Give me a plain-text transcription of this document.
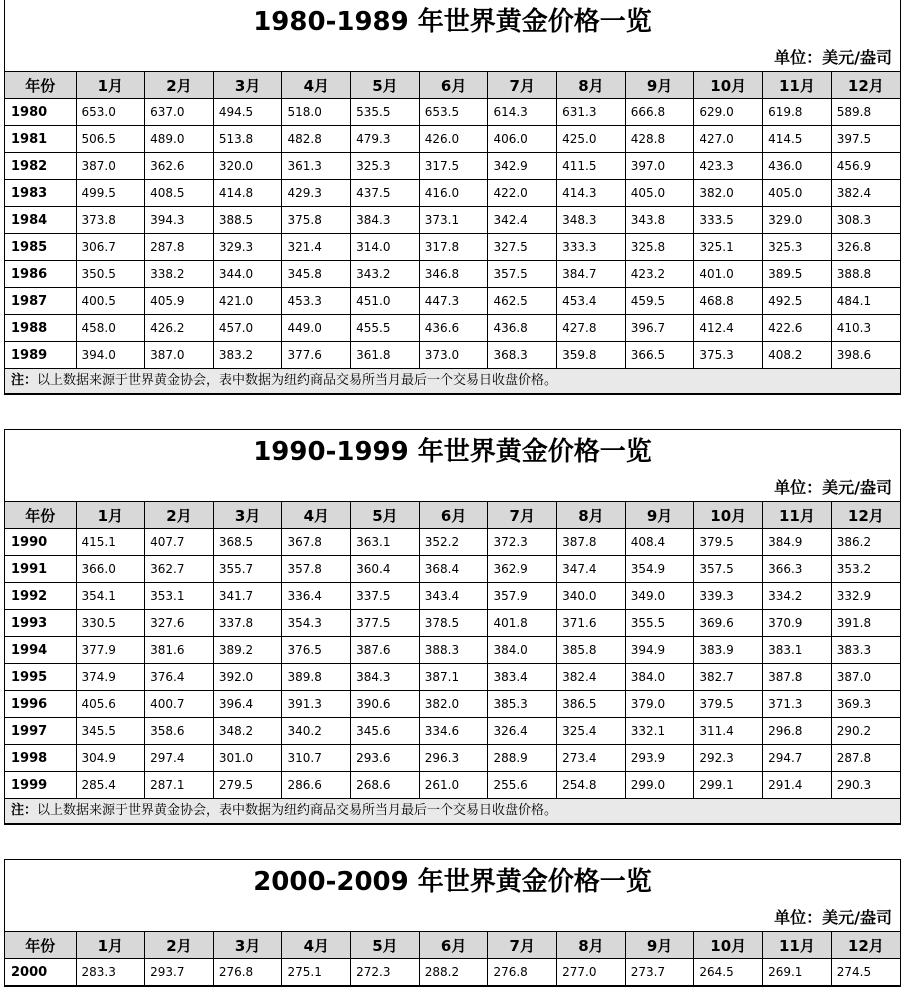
1980-1989 年世界黄金价格一览
单位：美元/盎司
年份	1月	2月	3月	4月	5月	6月	7月	8月	9月	10月	11月	12月
1980	653.0	637.0	494.5	518.0	535.5	653.5	614.3	631.3	666.8	629.0	619.8	589.8
1981	506.5	489.0	513.8	482.8	479.3	426.0	406.0	425.0	428.8	427.0	414.5	397.5
1982	387.0	362.6	320.0	361.3	325.3	317.5	342.9	411.5	397.0	423.3	436.0	456.9
1983	499.5	408.5	414.8	429.3	437.5	416.0	422.0	414.3	405.0	382.0	405.0	382.4
1984	373.8	394.3	388.5	375.8	384.3	373.1	342.4	348.3	343.8	333.5	329.0	308.3
1985	306.7	287.8	329.3	321.4	314.0	317.8	327.5	333.3	325.8	325.1	325.3	326.8
1986	350.5	338.2	344.0	345.8	343.2	346.8	357.5	384.7	423.2	401.0	389.5	388.8
1987	400.5	405.9	421.0	453.3	451.0	447.3	462.5	453.4	459.5	468.8	492.5	484.1
1988	458.0	426.2	457.0	449.0	455.5	436.6	436.8	427.8	396.7	412.4	422.6	410.3
1989	394.0	387.0	383.2	377.6	361.8	373.0	368.3	359.8	366.5	375.3	408.2	398.6
注：以上数据来源于世界黄金协会，表中数据为纽约商品交易所当月最后一个交易日收盘价格。
1990-1999 年世界黄金价格一览
单位：美元/盎司
年份	1月	2月	3月	4月	5月	6月	7月	8月	9月	10月	11月	12月
1990	415.1	407.7	368.5	367.8	363.1	352.2	372.3	387.8	408.4	379.5	384.9	386.2
1991	366.0	362.7	355.7	357.8	360.4	368.4	362.9	347.4	354.9	357.5	366.3	353.2
1992	354.1	353.1	341.7	336.4	337.5	343.4	357.9	340.0	349.0	339.3	334.2	332.9
1993	330.5	327.6	337.8	354.3	377.5	378.5	401.8	371.6	355.5	369.6	370.9	391.8
1994	377.9	381.6	389.2	376.5	387.6	388.3	384.0	385.8	394.9	383.9	383.1	383.3
1995	374.9	376.4	392.0	389.8	384.3	387.1	383.4	382.4	384.0	382.7	387.8	387.0
1996	405.6	400.7	396.4	391.3	390.6	382.0	385.3	386.5	379.0	379.5	371.3	369.3
1997	345.5	358.6	348.2	340.2	345.6	334.6	326.4	325.4	332.1	311.4	296.8	290.2
1998	304.9	297.4	301.0	310.7	293.6	296.3	288.9	273.4	293.9	292.3	294.7	287.8
1999	285.4	287.1	279.5	286.6	268.6	261.0	255.6	254.8	299.0	299.1	291.4	290.3
注：以上数据来源于世界黄金协会，表中数据为纽约商品交易所当月最后一个交易日收盘价格。
2000-2009 年世界黄金价格一览
单位：美元/盎司
年份	1月	2月	3月	4月	5月	6月	7月	8月	9月	10月	11月	12月
2000	283.3	293.7	276.8	275.1	272.3	288.2	276.8	277.0	273.7	264.5	269.1	274.5
